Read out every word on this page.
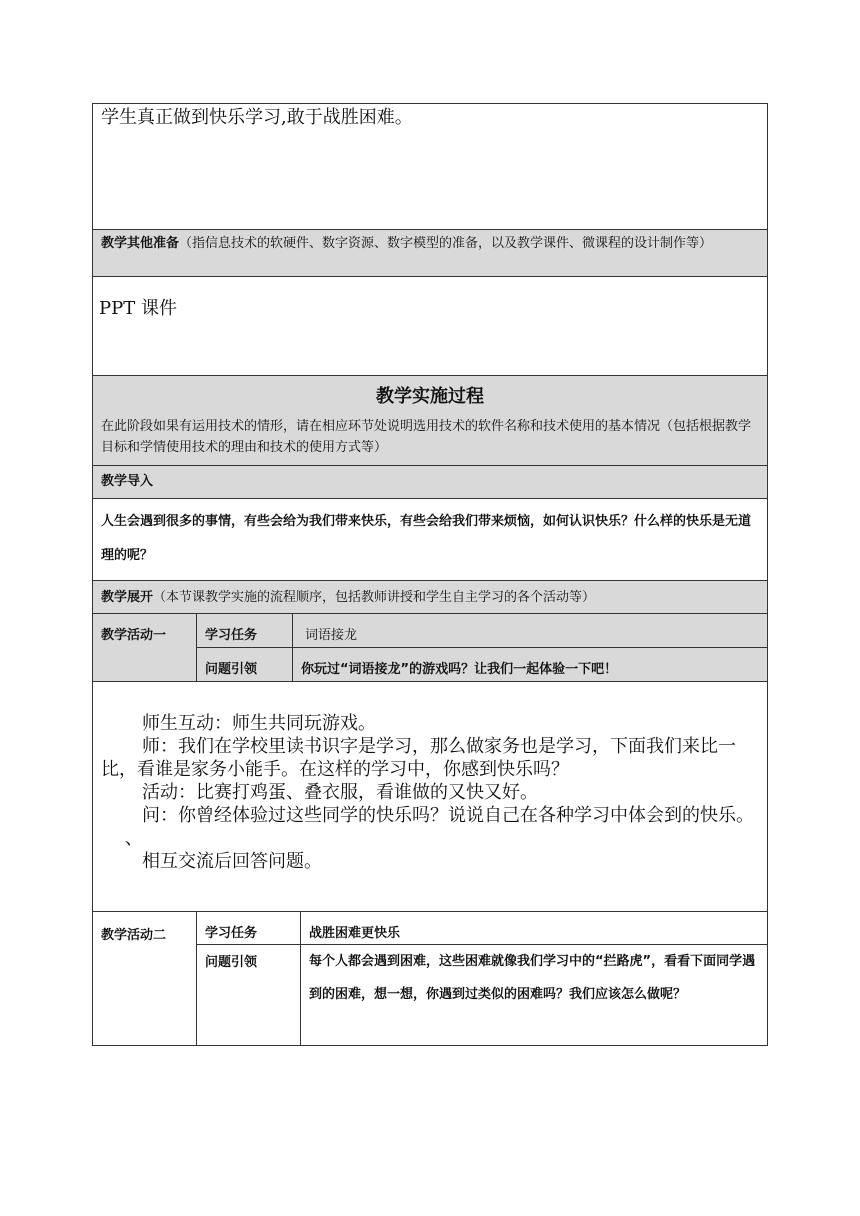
学生真正做到快乐学习,敢于战胜困难。

教学其他准备（指信息技术的软硬件、数字资源、数字模型的准备，以及教学课件、微课程的设计制作等）

PPT 课件

教学实施过程

在此阶段如果有运用技术的情形，请在相应环节处说明选用技术的软件名称和技术使用的基本情况（包括根据教学目标和学情使用技术的理由和技术的使用方式等）

教学导入

人生会遇到很多的事情，有些会给为我们带来快乐，有些会给我们带来烦恼，如何认识快乐？什么样的快乐是无道理的呢？

教学展开（本节课教学实施的流程顺序，包括教师讲授和学生自主学习的各个活动等）

教学活动一	学习任务	词语接龙
问题引领	你玩过“词语接龙”的游戏吗？让我们一起体验一下吧！

师生互动：师生共同玩游戏。

师：我们在学校里读书识字是学习，那么做家务也是学习，下面我们来比一比，看谁是家务小能手。在这样的学习中，你感到快乐吗？

活动：比赛打鸡蛋、叠衣服，看谁做的又快又好。

问：你曾经体验过这些同学的快乐吗？说说自己在各种学习中体会到的快乐。 　 、

相互交流后回答问题。

教学活动二	学习任务	战胜困难更快乐
问题引领	每个人都会遇到困难，这些困难就像我们学习中的“拦路虎”，看看下面同学遇到的困难，想一想，你遇到过类似的困难吗？我们应该怎么做呢？
